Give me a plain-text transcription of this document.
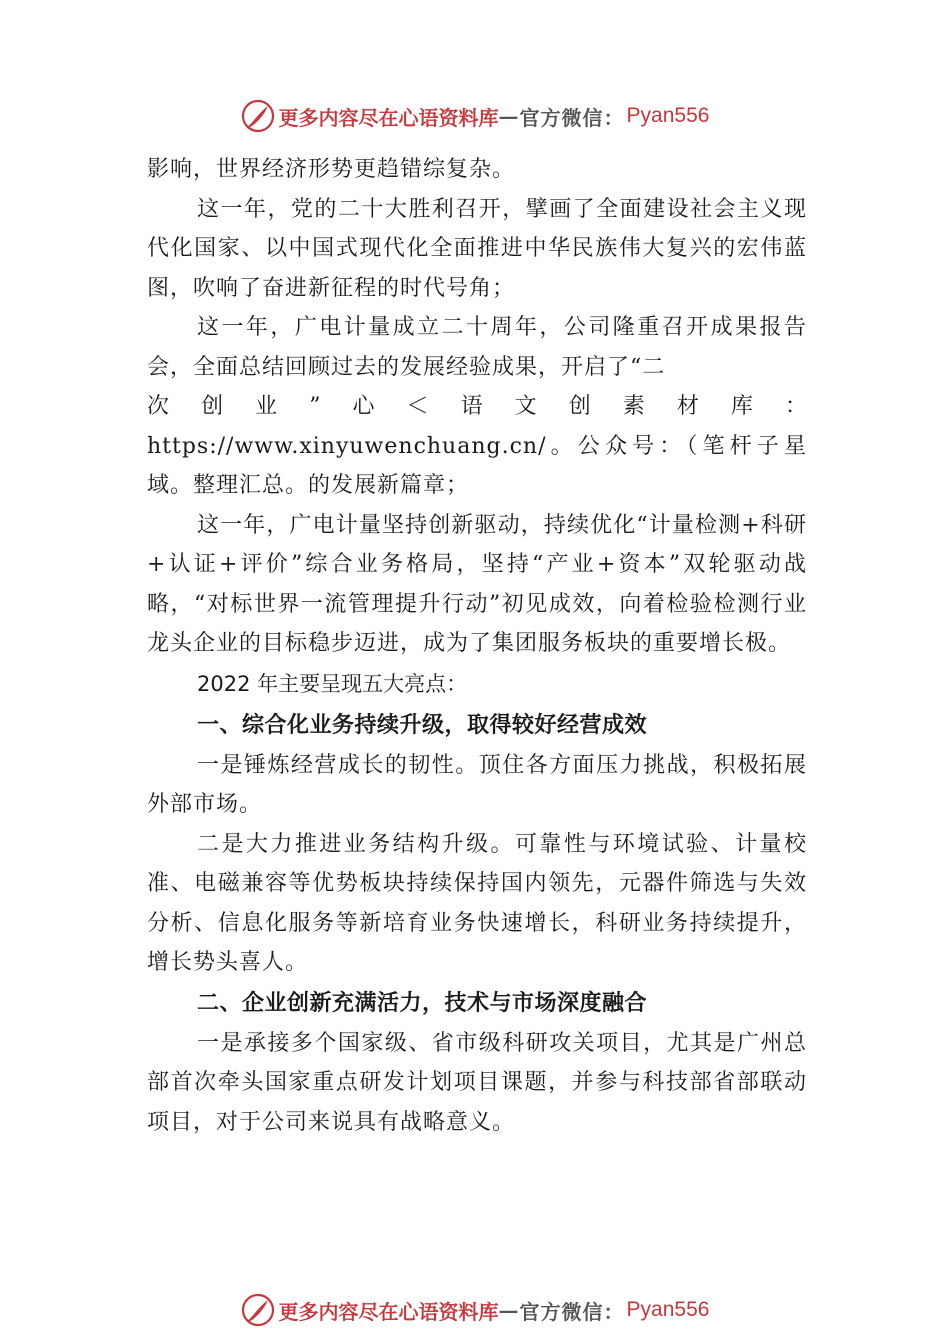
更多内容尽在心语资料库 — 官方微信： Pyan556

影响，世界经济形势更趋错综复杂。

这一年，党的二十大胜利召开，擘画了全面建设社会主义现代化国家、以中国式现代化全面推进中华民族伟大复兴的宏伟蓝图，吹响了奋进新征程的时代号角；

这一年，广电计量成立二十周年，公司隆重召开成果报告会，全面总结回顾过去的发展经验成果，开启了“二

次 创 业 ” 心 ＜ 语 文 创 素 材 库 ：

https://www.xinyuwenchuang.cn/。公众号：（笔杆子星域。整理汇总。的发展新篇章；

这一年，广电计量坚持创新驱动，持续优化“计量检测+科研+认证+评价”综合业务格局，坚持“产业+资本”双轮驱动战略，“对标世界一流管理提升行动”初见成效，向着检验检测行业龙头企业的目标稳步迈进，成为了集团服务板块的重要增长极。

2022 年主要呈现五大亮点：

一、综合化业务持续升级，取得较好经营成效

一是锤炼经营成长的韧性。顶住各方面压力挑战，积极拓展外部市场。

二是大力推进业务结构升级。可靠性与环境试验、计量校准、电磁兼容等优势板块持续保持国内领先，元器件筛选与失效分析、信息化服务等新培育业务快速增长，科研业务持续提升，增长势头喜人。

二、企业创新充满活力，技术与市场深度融合

一是承接多个国家级、省市级科研攻关项目，尤其是广州总部首次牵头国家重点研发计划项目课题，并参与科技部省部联动项目，对于公司来说具有战略意义。

更多内容尽在心语资料库 — 官方微信： Pyan556
